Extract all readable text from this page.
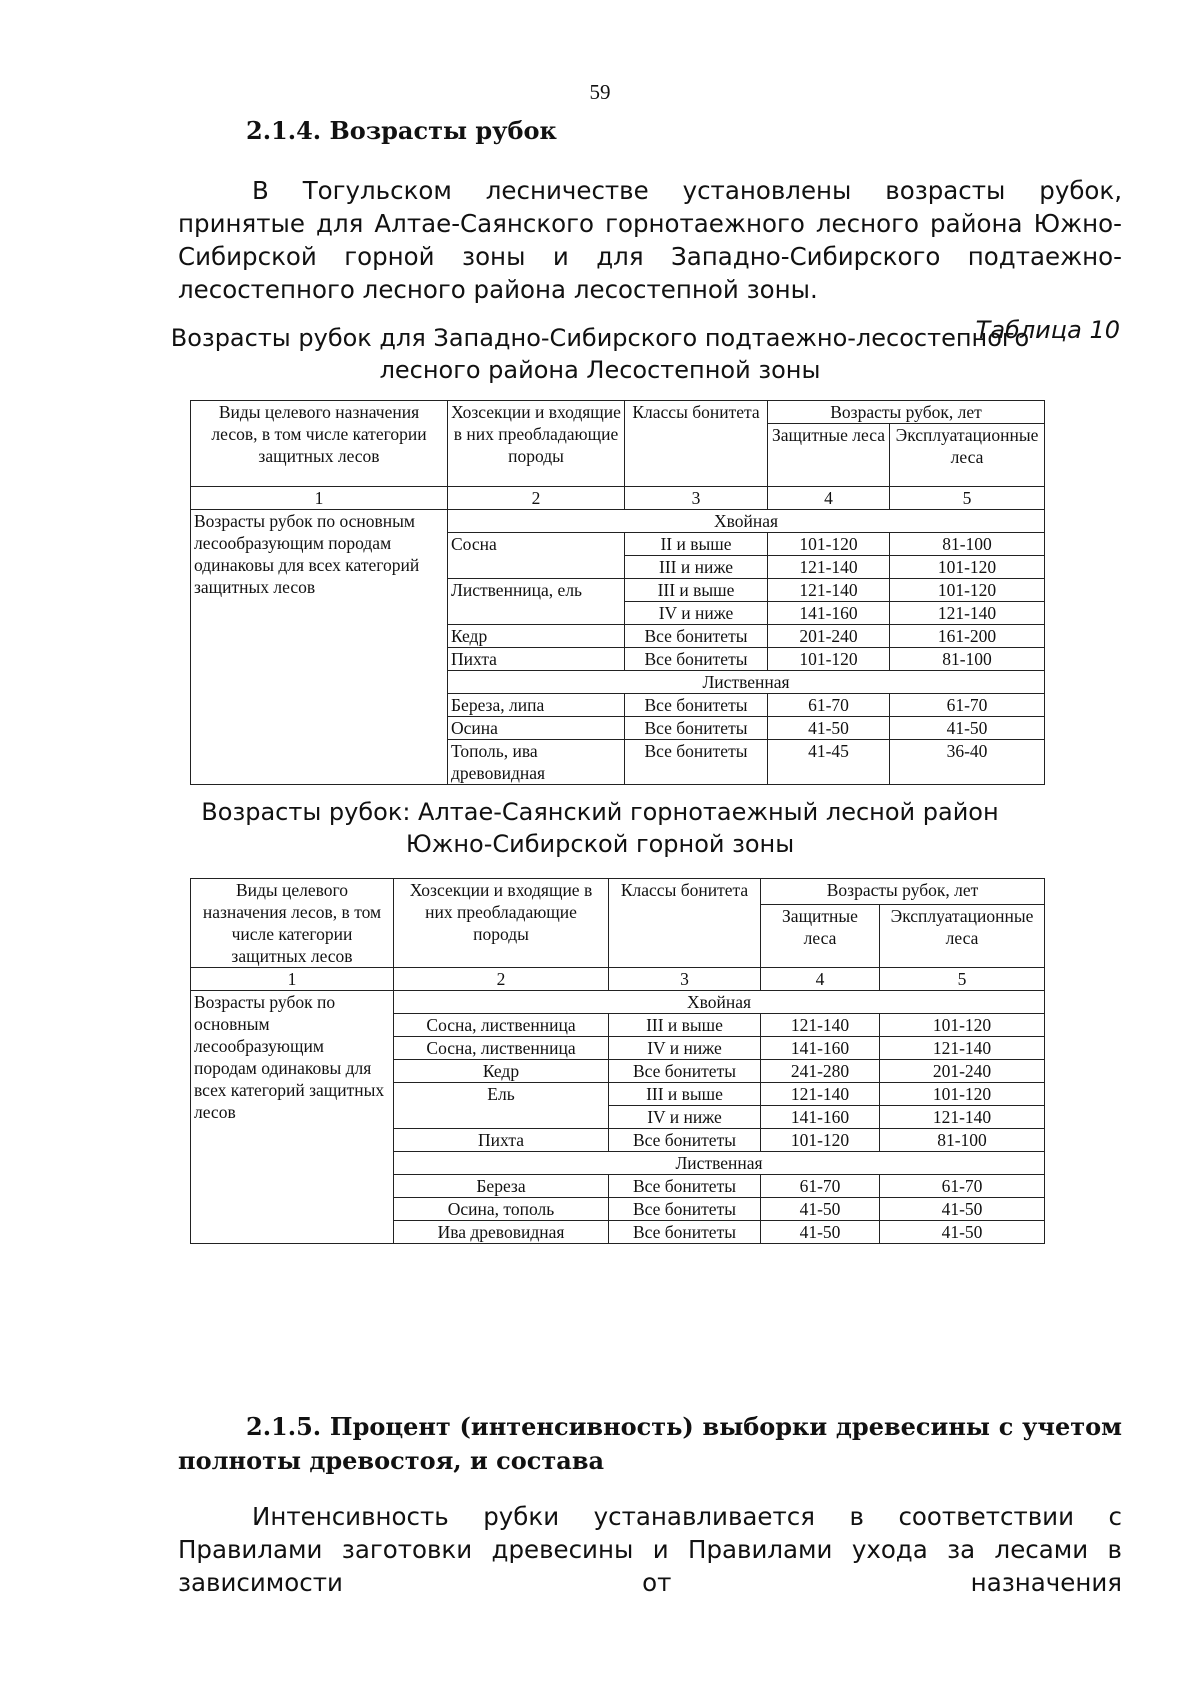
59
2.1.4. Возрасты рубок
В Тогульском лесничестве установлены возрасты рубок, принятые для Алтае-Саянского горнотаежного лесного района Южно-Сибирской горной зоны и для Западно-Сибирского подтаежно-лесостепного лесного района лесостепной зоны.
Таблица 10
Возрасты рубок для Западно-Сибирского подтаежно-лесостепного
лесного района Лесостепной зоны
Виды целевого назначения лесов, в том числе категории защитных лесов	Хозсекции и входящие в них преобладающие породы	Классы бонитета	Возрасты рубок, лет	
			Защитные леса	Эксплуатационные леса
1	2	3	4	5
Возрасты рубок по основным лесообразующим породам одинаковы для всех категорий защитных лесов	Хвойная			
	Сосна	II и выше	101-120	81-100
		III и ниже	121-140	101-120
	Лиственница, ель	III и выше	121-140	101-120
		IV и ниже	141-160	121-140
	Кедр	Все бонитеты	201-240	161-200
	Пихта	Все бонитеты	101-120	81-100
	Лиственная			
	Береза, липа	Все бонитеты	61-70	61-70
	Осина	Все бонитеты	41-50	41-50
	Тополь, ива древовидная	Все бонитеты	41-45	36-40
Возрасты рубок: Алтае-Саянский горнотаежный лесной район
Южно-Сибирской горной зоны
Виды целевого назначения лесов, в том числе категории защитных лесов	Хозсекции и входящие в них преобладающие породы	Классы бонитета	Возрасты рубок, лет	
			Защитные леса	Эксплуатационные леса
1	2	3	4	5
Возрасты рубок по основным лесообразующим породам одинаковы для всех категорий защитных лесов	Хвойная			
	Сосна, лиственница	III и выше	121-140	101-120
	Сосна, лиственница	IV и ниже	141-160	121-140
	Кедр	Все бонитеты	241-280	201-240
	Ель	III и выше	121-140	101-120
		IV и ниже	141-160	121-140
	Пихта	Все бонитеты	101-120	81-100
	Лиственная			
	Береза	Все бонитеты	61-70	61-70
	Осина, тополь	Все бонитеты	41-50	41-50
	Ива древовидная	Все бонитеты	41-50	41-50
2.1.5. Процент (интенсивность) выборки древесины с учетом
полноты древостоя, и состава
Интенсивность рубки устанавливается в соответствии с Правилами заготовки древесины и Правилами ухода за лесами в зависимости от назначения
